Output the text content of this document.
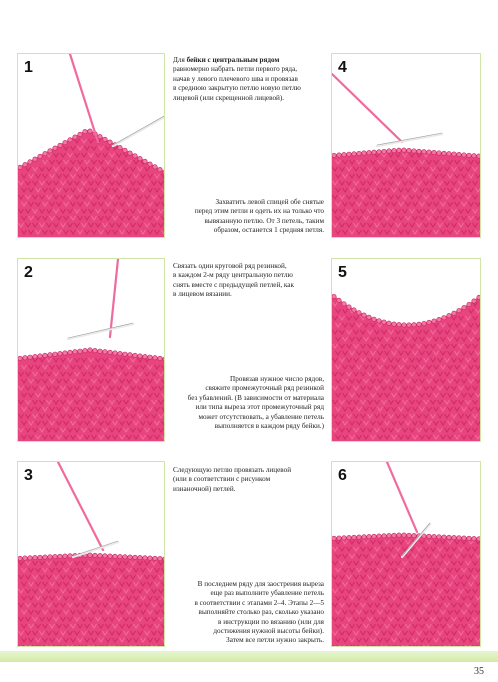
1
2
3
4
5
6
Для бейки с центральным рядом
равномерно набрать петли первого ряда,
начав у левого плечевого шва и провязав
в среднюю закрытую петлю новую петлю
лицевой (или скрещенной лицевой).
Захватить левой спицей обе снятые
перед этим петли и одеть их на только что
вывязанную петлю. От 3 петель, таким
образом, останется 1 средняя петля.
Связать один круговой ряд резинкой,
в каждом 2-м ряду центральную петлю
снять вместе с предыдущей петлей, как
в лицевом вязании.
Провязав нужное число рядов,
свяжите промежуточный ряд резинкой
без убавлений. (В зависимости от материала
или типа выреза этот промежуточный ряд
может отсутствовать, а убавление петель
выполняется в каждом ряду бейки.)
Следующую петлю провязать лицевой
(или в соответствии с рисунком
изнаночной) петлей.
В последнем ряду для заострения выреза
еще раз выполните убавление петель
в соответствии с этапами 2–4. Этапы 2—5
выполняйте столько раз, сколько указано
в инструкции по вязанию (или для
достижения нужной высоты бейки).
Затем все петли нужно закрыть.
35
